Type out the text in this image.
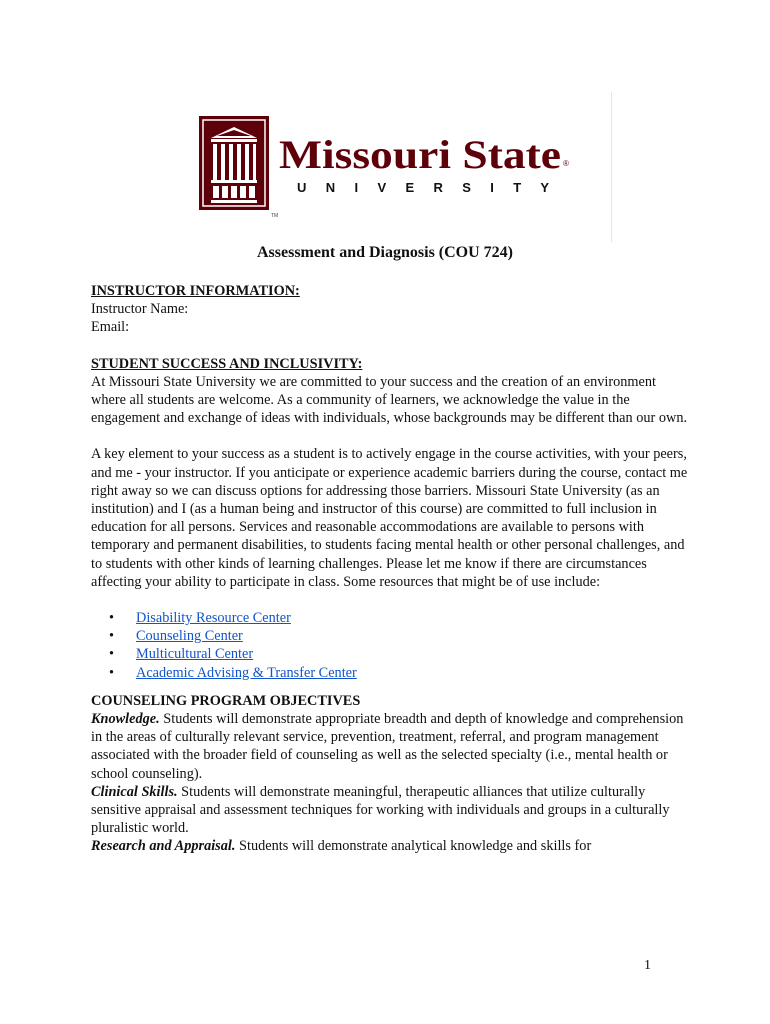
TM
Missouri State ®
U N I V E R S I T Y
Assessment and Diagnosis (COU 724)

INSTRUCTOR INFORMATION:

Instructor Name:

Email:

STUDENT SUCCESS AND INCLUSIVITY:

At Missouri State University we are committed to your success and the creation of an environment where all students are welcome. As a community of learners, we acknowledge the value in the engagement and exchange of ideas with individuals, whose backgrounds may be different than our own.

A key element to your success as a student is to actively engage in the course activities, with your peers, and me - your instructor. If you anticipate or experience academic barriers during the course, contact me right away so we can discuss options for addressing those barriers. Missouri State University (as an institution) and I (as a human being and instructor of this course) are committed to full inclusion in education for all persons. Services and reasonable accommodations are available to persons with temporary and permanent disabilities, to students facing mental health or other personal challenges, and to students with other kinds of learning challenges. Please let me know if there are circumstances affecting your ability to participate in class. Some resources that might be of use include:

• Disability Resource Center
• Counseling Center
• Multicultural Center
• Academic Advising & Transfer Center

COUNSELING PROGRAM OBJECTIVES

Knowledge. Students will demonstrate appropriate breadth and depth of knowledge and comprehension in the areas of culturally relevant service, prevention, treatment, referral, and program management associated with the broader field of counseling as well as the selected specialty (i.e., mental health or school counseling).

Clinical Skills. Students will demonstrate meaningful, therapeutic alliances that utilize culturally sensitive appraisal and assessment techniques for working with individuals and groups in a culturally pluralistic world.

Research and Appraisal. Students will demonstrate analytical knowledge and skills for

1
